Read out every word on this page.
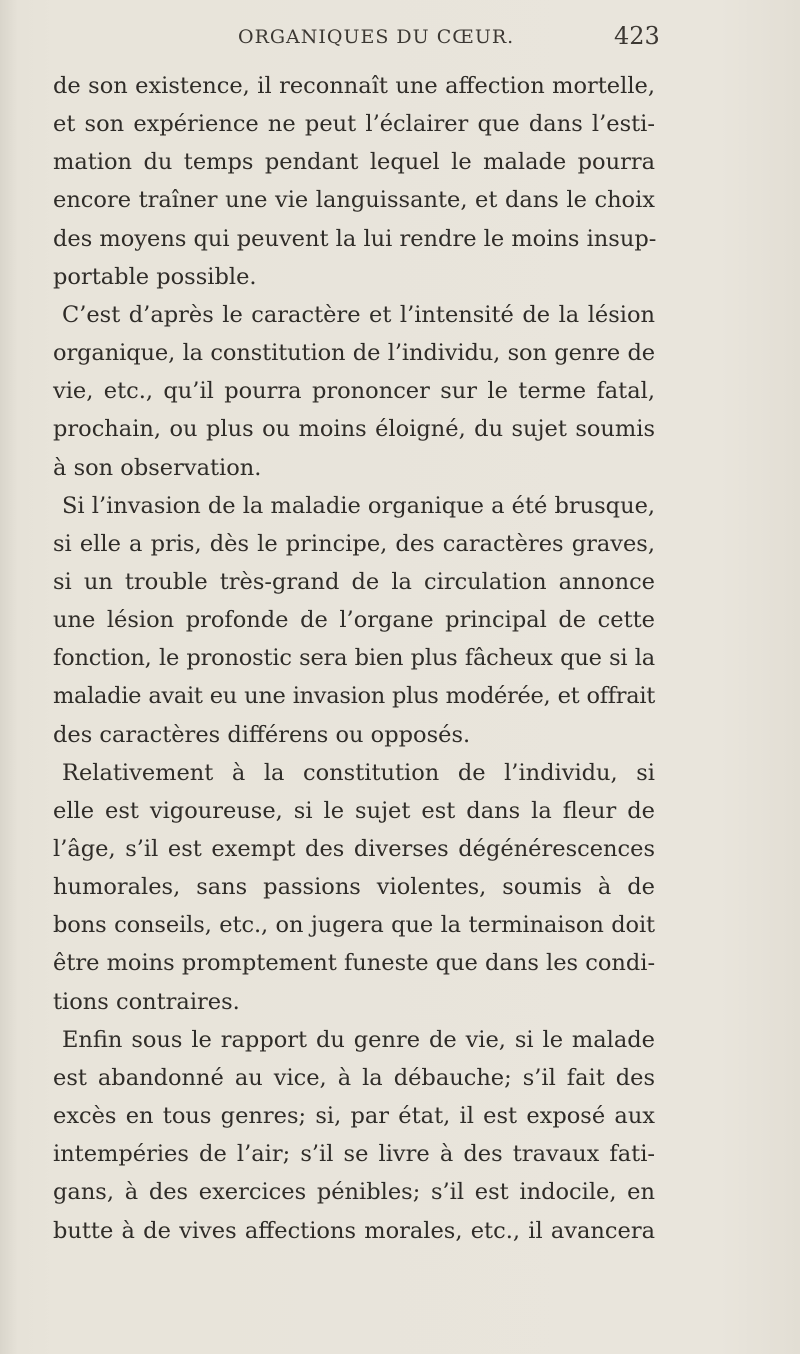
ORGANIQUES DU CŒUR.	423
de son existence, il reconnaît une affection mortelle,
et son expérience ne peut l’éclairer que dans l’esti-
mation du temps pendant lequel le malade pourra
encore traîner une vie languissante, et dans le choix
des moyens qui peuvent la lui rendre le moins insup-
portable possible.
C’est d’après le caractère et l’intensité de la lésion
organique, la constitution de l’individu, son genre de
vie, etc., qu’il pourra prononcer sur le terme fatal,
prochain, ou plus ou moins éloigné, du sujet soumis
à son observation.
Si l’invasion de la maladie organique a été brusque,
si elle a pris, dès le principe, des caractères graves,
si un trouble très-grand de la circulation annonce
une lésion profonde de l’organe principal de cette
fonction, le pronostic sera bien plus fâcheux que si la
maladie avait eu une invasion plus modérée, et offrait
des caractères différens ou opposés.
Relativement à la constitution de l’individu, si
elle est vigoureuse, si le sujet est dans la fleur de
l’âge, s’il est exempt des diverses dégénérescences
humorales, sans passions violentes, soumis à de
bons conseils, etc., on jugera que la terminaison doit
être moins promptement funeste que dans les condi-
tions contraires.
Enfin sous le rapport du genre de vie, si le malade
est abandonné au vice, à la débauche; s’il fait des
excès en tous genres; si, par état, il est exposé aux
intempéries de l’air; s’il se livre à des travaux fati-
gans, à des exercices pénibles; s’il est indocile, en
butte à de vives affections morales, etc., il avancera
